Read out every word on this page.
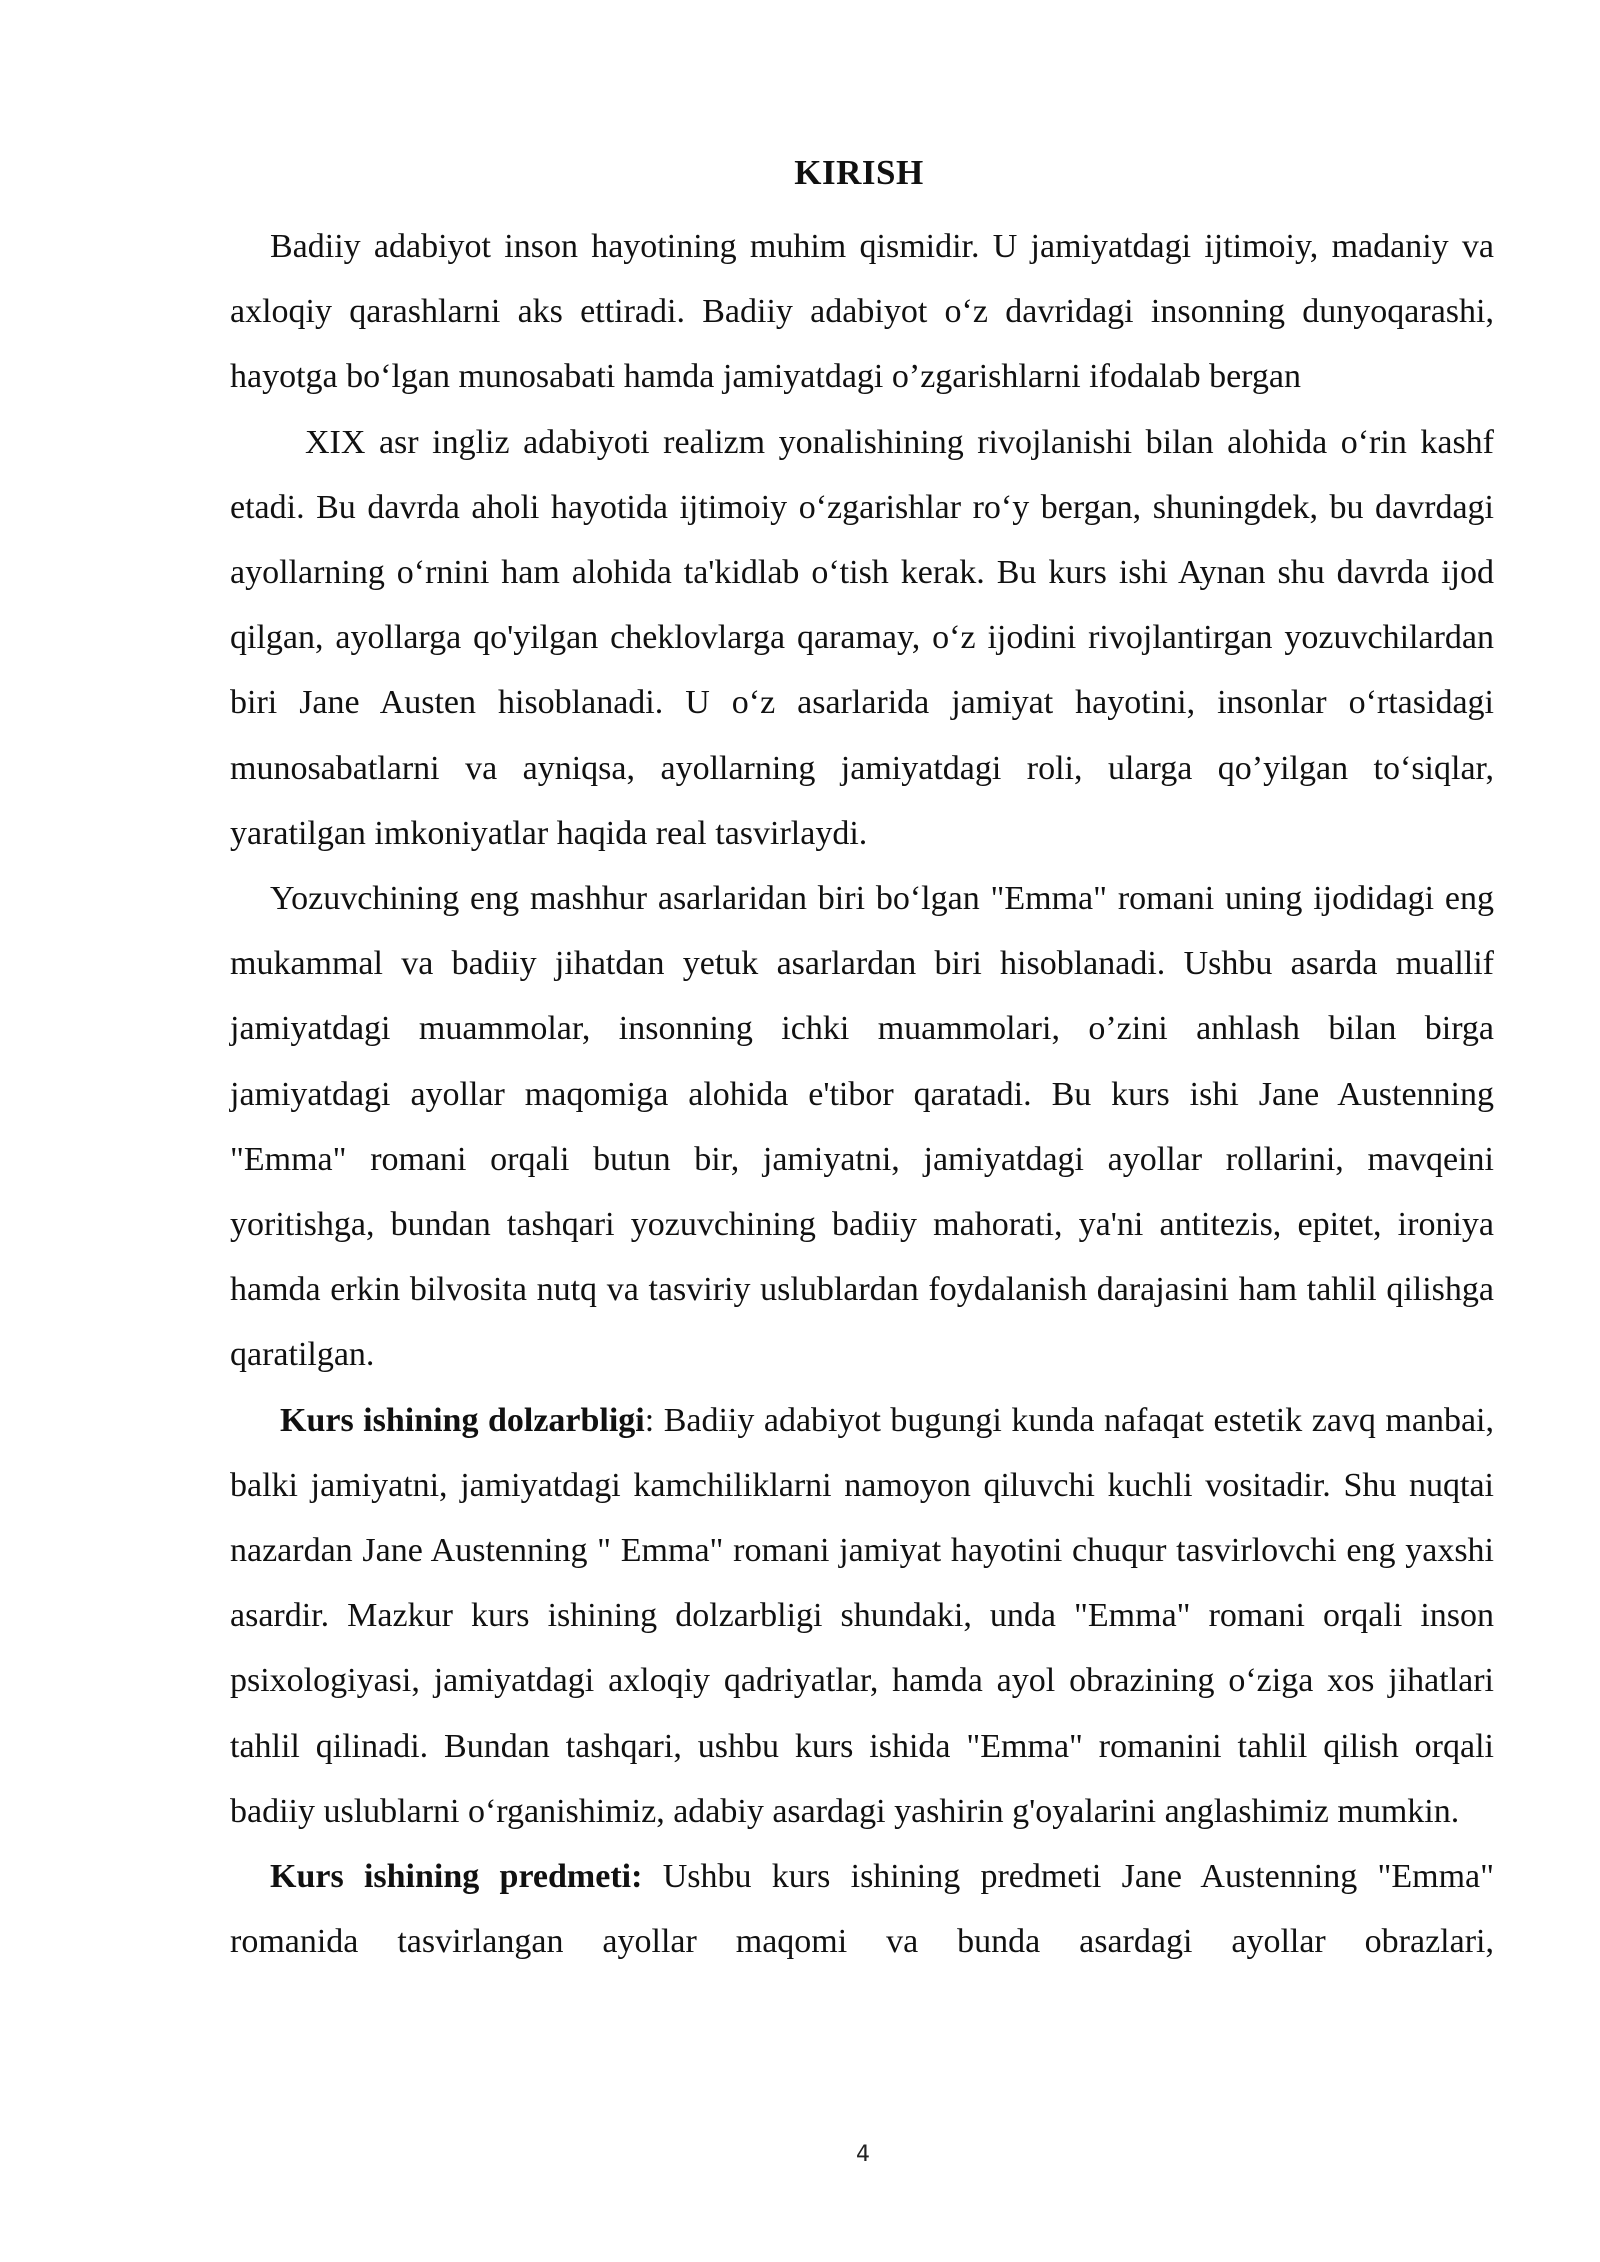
KIRISH

Badiiy adabiyot inson hayotining muhim qismidir. U jamiyatdagi ijtimoiy, madaniy va axloqiy qarashlarni aks ettiradi. Badiiy adabiyot o‘z davridagi insonning dunyoqarashi, hayotga bo‘lgan munosabati hamda jamiyatdagi o’zgarishlarni ifodalab bergan

XIX asr ingliz adabiyoti realizm yonalishining rivojlanishi bilan alohida o‘rin kashf etadi. Bu davrda aholi hayotida ijtimoiy o‘zgarishlar ro‘y bergan, shuningdek, bu davrdagi ayollarning o‘rnini ham alohida ta'kidlab o‘tish kerak. Bu kurs ishi Aynan shu davrda ijod qilgan, ayollarga qo'yilgan cheklovlarga qaramay, o‘z ijodini rivojlantirgan yozuvchilardan biri Jane Austen hisoblanadi. U o‘z asarlarida jamiyat hayotini, insonlar o‘rtasidagi munosabatlarni va ayniqsa, ayollarning jamiyatdagi roli, ularga qo’yilgan to‘siqlar, yaratilgan imkoniyatlar haqida real tasvirlaydi.

Yozuvchining eng mashhur asarlaridan biri bo‘lgan "Emma" romani uning ijodidagi eng mukammal va badiiy jihatdan yetuk asarlardan biri hisoblanadi. Ushbu asarda muallif jamiyatdagi muammolar, insonning ichki muammolari, o’zini anhlash bilan birga jamiyatdagi ayollar maqomiga alohida e'tibor qaratadi. Bu kurs ishi Jane Austenning "Emma" romani orqali butun bir, jamiyatni, jamiyatdagi ayollar rollarini, mavqeini yoritishga, bundan tashqari yozuvchining badiiy mahorati, ya'ni antitezis, epitet, ironiya hamda erkin bilvosita nutq va tasviriy uslublardan foydalanish darajasini ham tahlil qilishga qaratilgan.

Kurs ishining dolzarbligi: Badiiy adabiyot bugungi kunda nafaqat estetik zavq manbai, balki jamiyatni, jamiyatdagi kamchiliklarni namoyon qiluvchi kuchli vositadir. Shu nuqtai nazardan Jane Austenning " Emma" romani jamiyat hayotini chuqur tasvirlovchi eng yaxshi asardir. Mazkur kurs ishining dolzarbligi shundaki, unda "Emma" romani orqali inson psixologiyasi, jamiyatdagi axloqiy qadriyatlar, hamda ayol obrazining o‘ziga xos jihatlari tahlil qilinadi. Bundan tashqari, ushbu kurs ishida "Emma" romanini tahlil qilish orqali badiiy uslublarni o‘rganishimiz, adabiy asardagi yashirin g'oyalarini anglashimiz mumkin.

Kurs ishining predmeti: Ushbu kurs ishining predmeti Jane Austenning "Emma" romanida tasvirlangan ayollar maqomi va bunda asardagi ayollar obrazlari,

4
